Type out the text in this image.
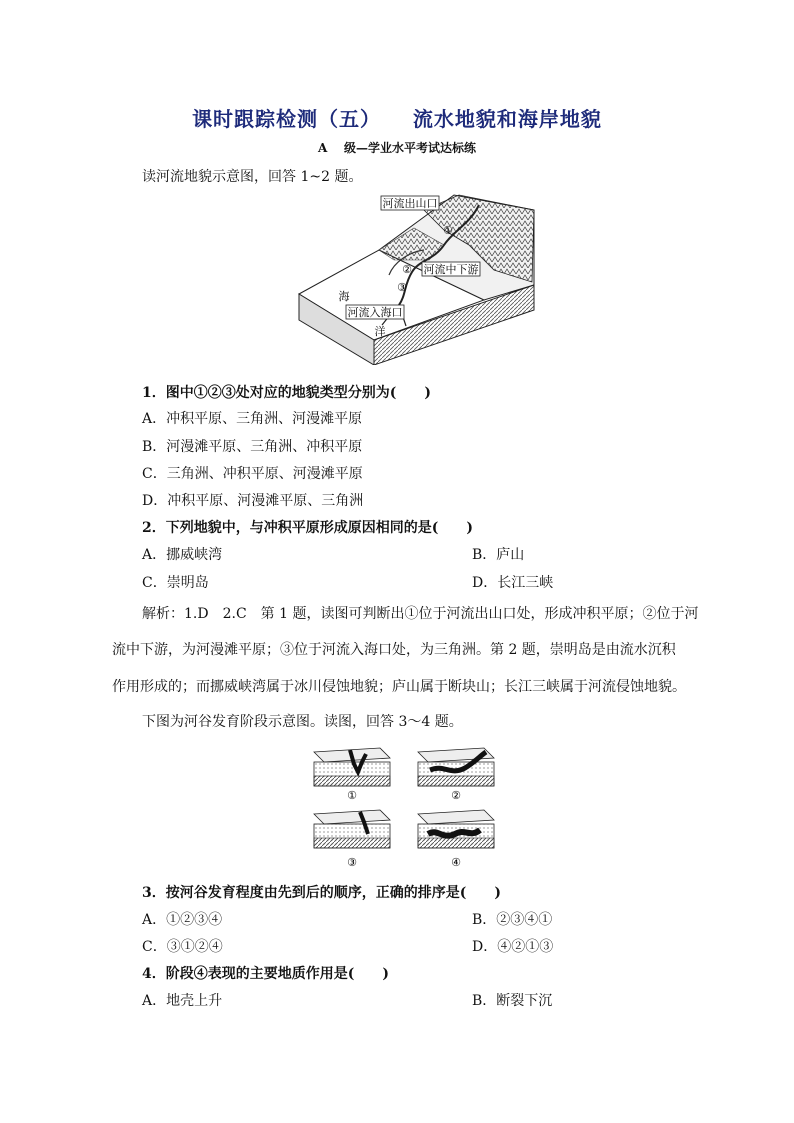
课时跟踪检测（五）    流水地貌和海岸地貌
A    级—学业水平考试达标练
读河流地貌示意图，回答 1~2 题。
河流出山口
①
② 河流中下游
③
河流入海口
海
洋
1．图中①②③处对应的地貌类型分别为(　　)
A．冲积平原、三角洲、河漫滩平原
B．河漫滩平原、三角洲、冲积平原
C．三角洲、冲积平原、河漫滩平原
D．冲积平原、河漫滩平原、三角洲
2．下列地貌中，与冲积平原形成原因相同的是(　　)
A．挪威峡湾	B．庐山
C．崇明岛	D．长江三峡
解析：1.D　2.C　第 1 题，读图可判断出①位于河流出山口处，形成冲积平原；②位于河
流中下游，为河漫滩平原；③位于河流入海口处，为三角洲。第 2 题，崇明岛是由流水沉积
作用形成的；而挪威峡湾属于冰川侵蚀地貌；庐山属于断块山；长江三峡属于河流侵蚀地貌。
下图为河谷发育阶段示意图。读图，回答 3～4 题。
①	②
③	④
3．按河谷发育程度由先到后的顺序，正确的排序是(　　)
A．①②③④	B．②③④①
C．③①②④	D．④②①③
4．阶段④表现的主要地质作用是(　　)
A．地壳上升	B．断裂下沉
